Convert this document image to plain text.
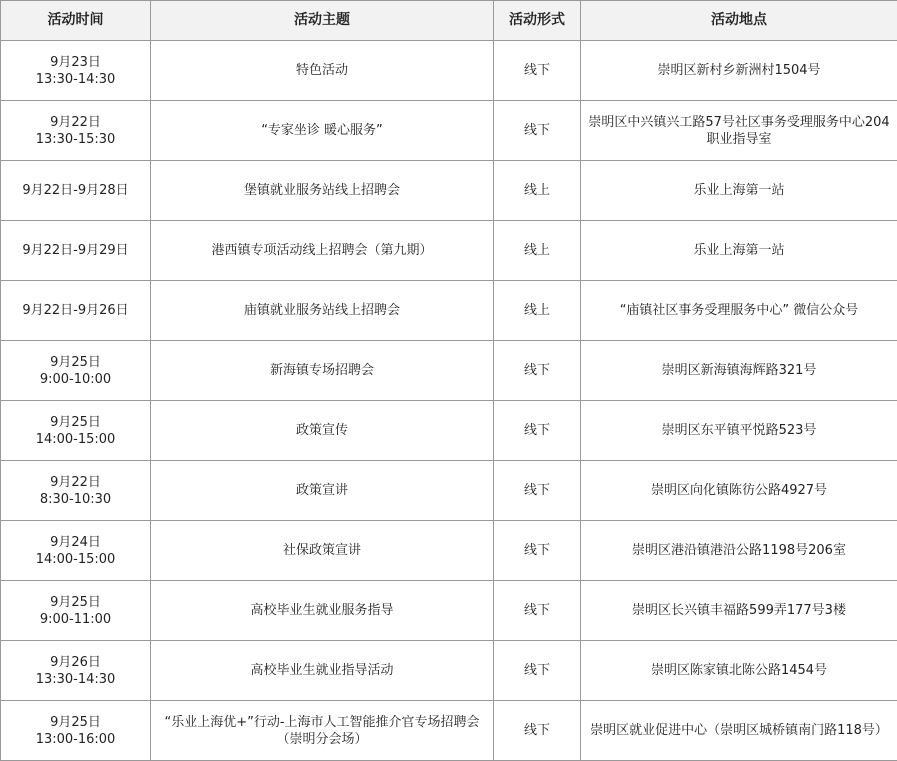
活动时间	活动主题	活动形式	活动地点

9月23日
13:30-14:30	特色活动	线下	崇明区新村乡新洲村1504号

9月22日
13:30-15:30	“专家坐诊 暖心服务”	线下	崇明区中兴镇兴工路57号社区事务受理服务中心204职业指导室

9月22日-9月28日	堡镇就业服务站线上招聘会	线上	乐业上海第一站

9月22日-9月29日	港西镇专项活动线上招聘会（第九期）	线上	乐业上海第一站

9月22日-9月26日	庙镇就业服务站线上招聘会	线上	“庙镇社区事务受理服务中心” 微信公众号

9月25日
9:00-10:00	新海镇专场招聘会	线下	崇明区新海镇海辉路321号

9月25日
14:00-15:00	政策宣传	线下	崇明区东平镇平悦路523号

9月22日
8:30-10:30	政策宣讲	线下	崇明区向化镇陈彷公路4927号

9月24日
14:00-15:00	社保政策宣讲	线下	崇明区港沿镇港沿公路1198号206室

9月25日
9:00-11:00	高校毕业生就业服务指导	线下	崇明区长兴镇丰福路599弄177号3楼

9月26日
13:30-14:30	高校毕业生就业指导活动	线下	崇明区陈家镇北陈公路1454号

9月25日
13:00-16:00	“乐业上海优+”行动-上海市人工智能推介官专场招聘会（崇明分会场）	线下	崇明区就业促进中心（崇明区城桥镇南门路118号）
